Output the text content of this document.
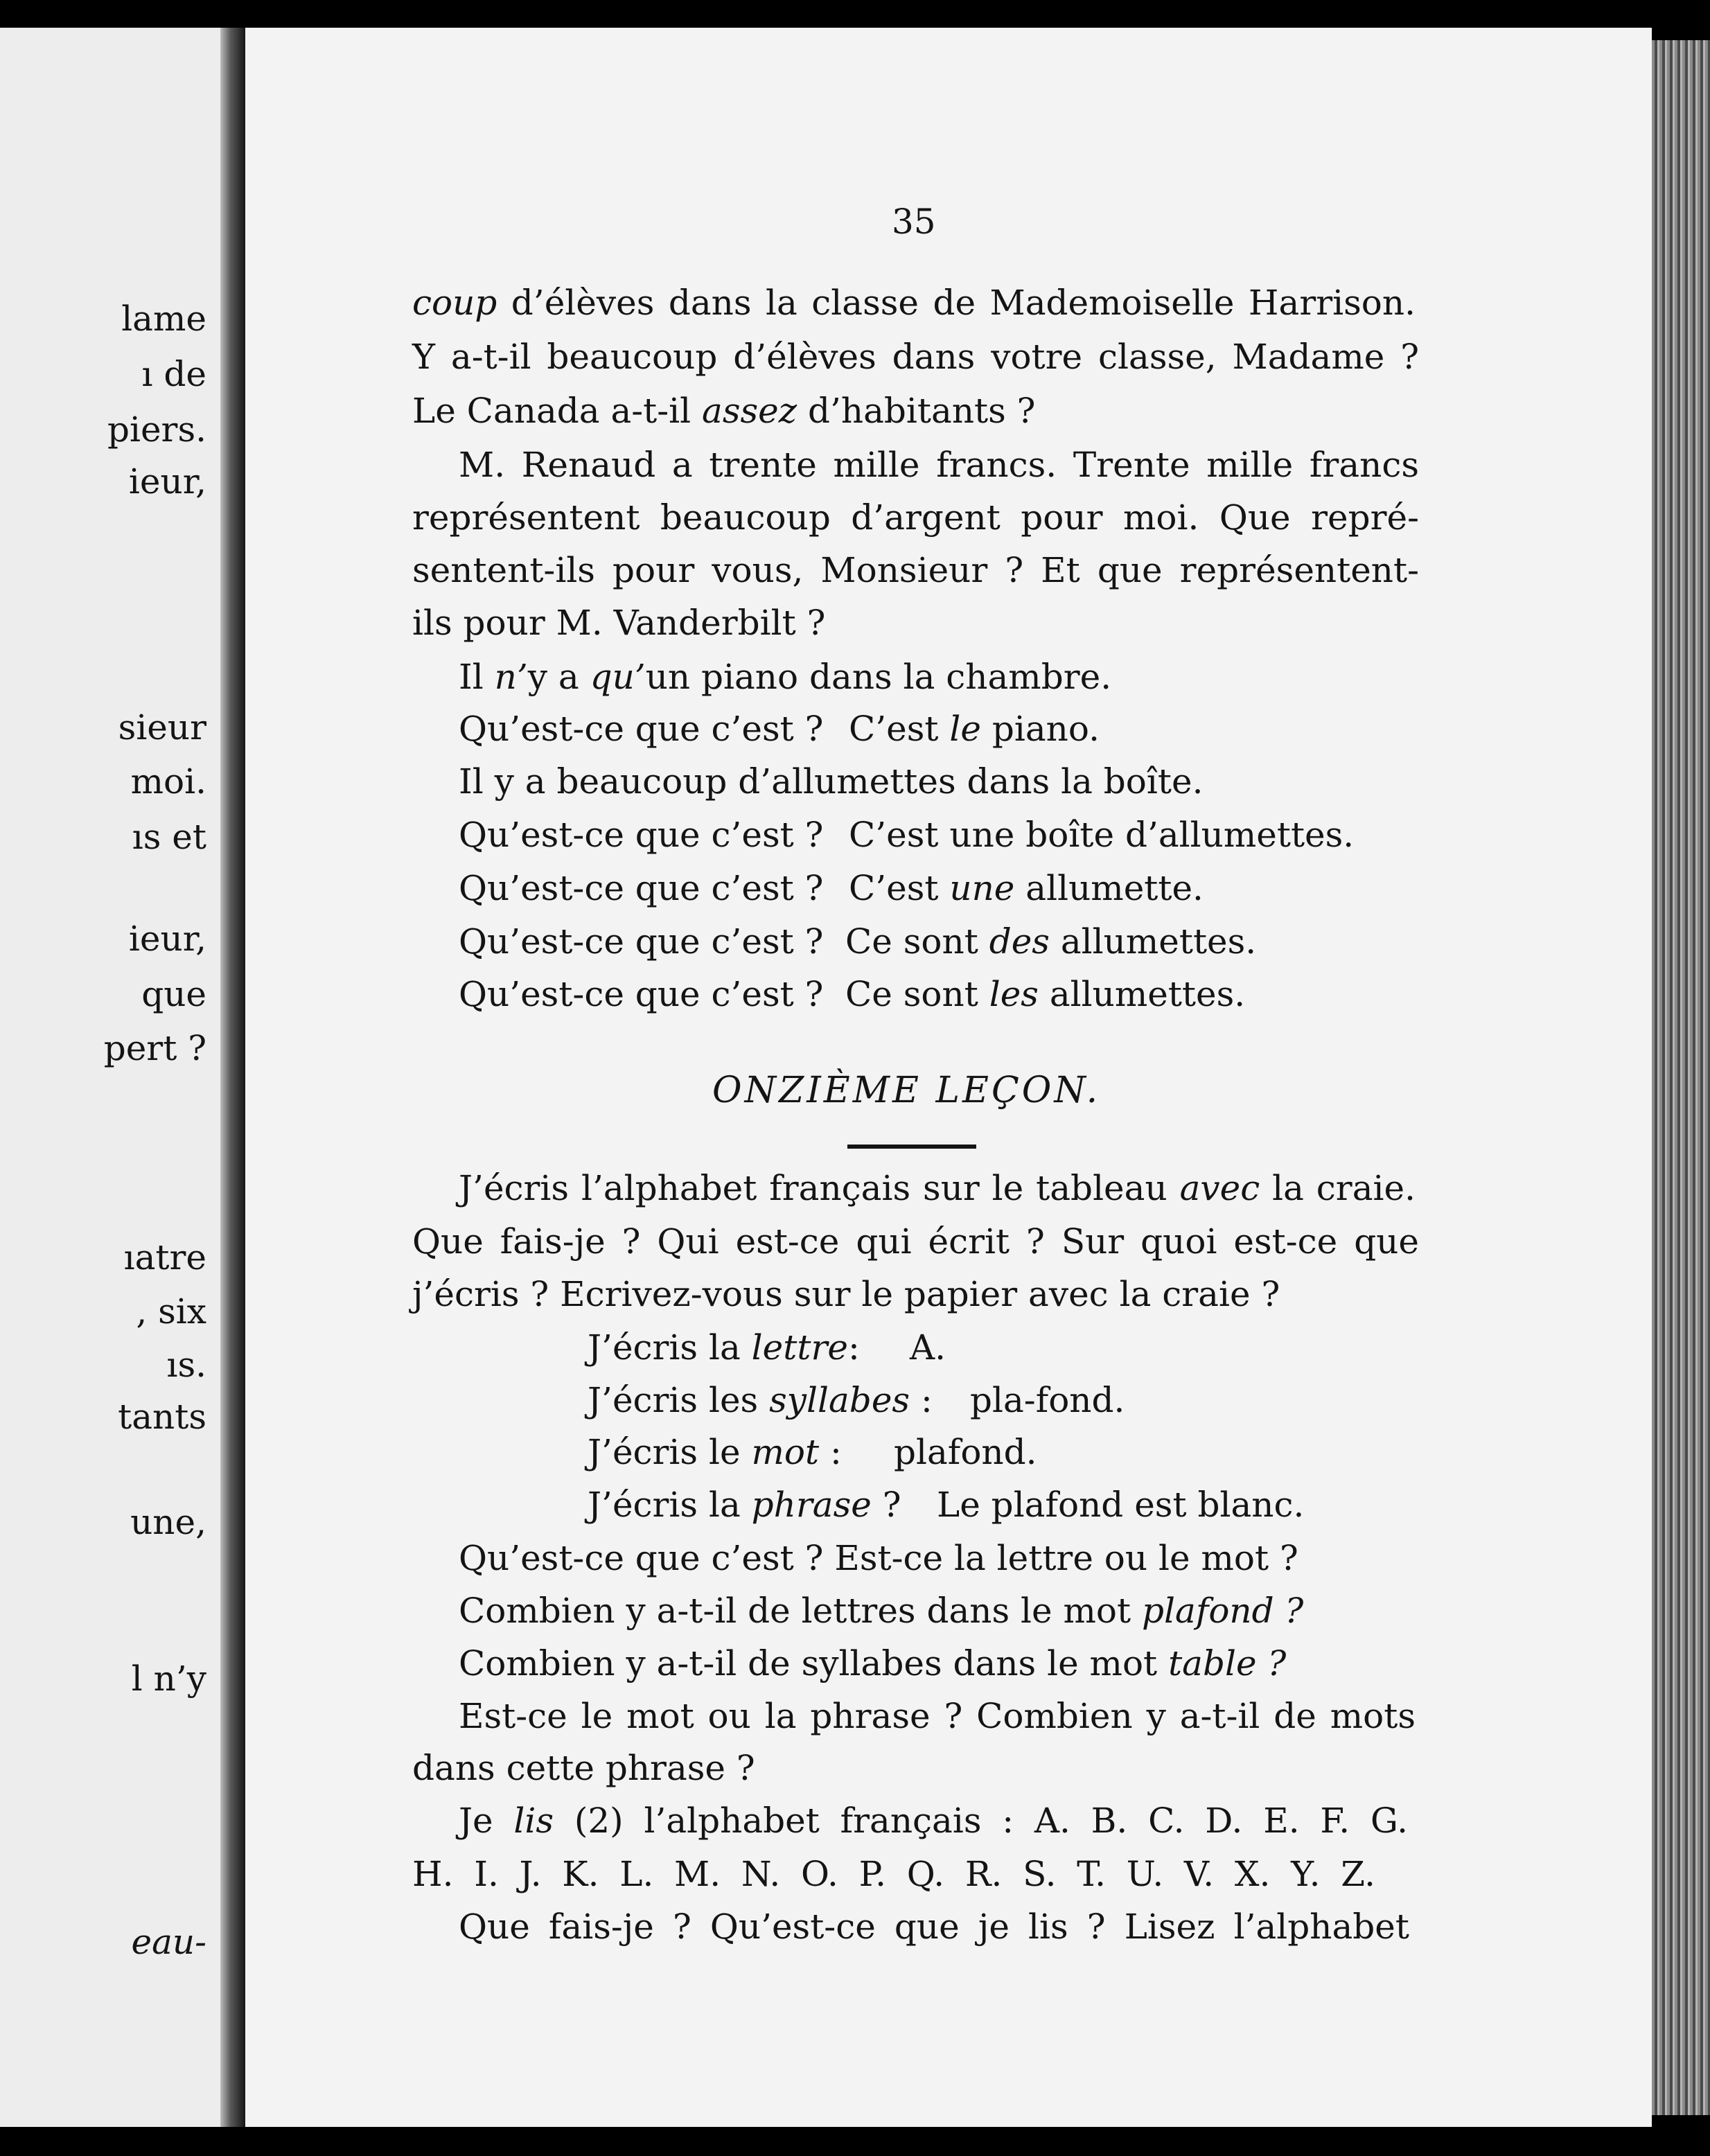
lame
ı de
piers.
ieur,
sieur
moi.
ıs et
ieur,
que
pert ?
ıatre
, six
ıs.
tants
une,
l n’y
eau-
35
coup d’élèves dans la classe de Mademoiselle Harrison.
Y a-t-il beaucoup d’élèves dans votre classe, Madame ?
Le Canada a-t-il assez d’habitants ?
M. Renaud a trente mille francs. Trente mille francs
représentent beaucoup d’argent pour moi. Que repré-
sentent-ils pour vous, Monsieur ? Et que représentent-
ils pour M. Vanderbilt ?
Il n’y a qu’un piano dans la chambre.
Qu’est-ce que c’est ? C’est le piano.
Il y a beaucoup d’allumettes dans la boîte.
Qu’est-ce que c’est ? C’est une boîte d’allumettes.
Qu’est-ce que c’est ? C’est une allumette.
Qu’est-ce que c’est ? Ce sont des allumettes.
Qu’est-ce que c’est ? Ce sont les allumettes.
ONZIÈME LEÇON.
J’écris l’alphabet français sur le tableau avec la craie.
Que fais-je ? Qui est-ce qui écrit ? Sur quoi est-ce que
j’écris ? Ecrivez-vous sur le papier avec la craie ?
J’écris la lettre: A.
J’écris les syllabes : pla-fond.
J’écris le mot : plafond.
J’écris la phrase ? Le plafond est blanc.
Qu’est-ce que c’est ? Est-ce la lettre ou le mot ?
Combien y a-t-il de lettres dans le mot plafond ?
Combien y a-t-il de syllabes dans le mot table ?
Est-ce le mot ou la phrase ? Combien y a-t-il de mots
dans cette phrase ?
Je lis (2) l’alphabet français : A. B. C. D. E. F. G.
H. I. J. K. L. M. N. O. P. Q. R. S. T. U. V. X. Y. Z.
Que fais-je ? Qu’est-ce que je lis ? Lisez l’alphabet
